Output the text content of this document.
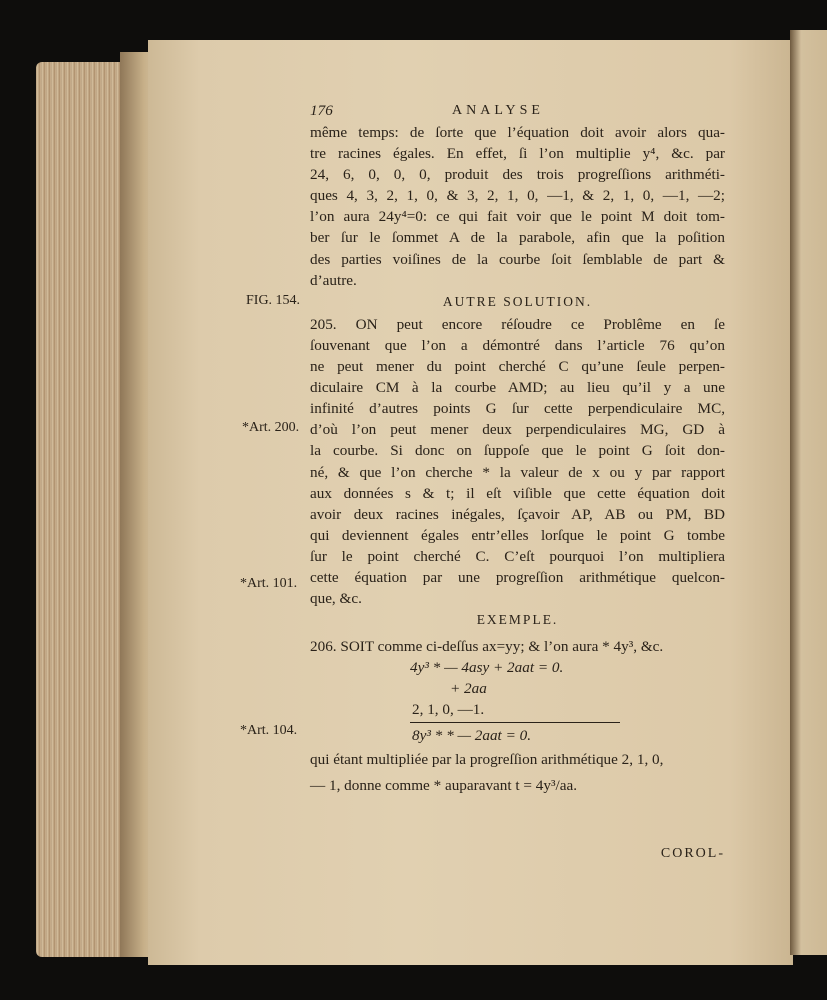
FIG. 154.
*Art. 200.
*Art. 101.
*Art. 104.
176	ANALYSE
même temps: de ſorte que l’équation doit avoir alors qua-
tre racines égales. En effet, ſi l’on multiplie y⁴, &c. par
24, 6, 0, 0, 0, produit des trois progreſſions arithméti-
ques 4, 3, 2, 1, 0, & 3, 2, 1, 0, —1, & 2, 1, 0, —1, —2;
l’on aura 24y⁴=0: ce qui fait voir que le point M doit tom-
ber ſur le ſommet A de la parabole, afin que la poſition
des parties voiſines de la courbe ſoit ſemblable de part &
d’autre.
AUTRE SOLUTION.
205. ON peut encore réſoudre ce Problême en ſe
ſouvenant que l’on a démontré dans l’article 76 qu’on
ne peut mener du point cherché C qu’une ſeule perpen-
diculaire CM à la courbe AMD; au lieu qu’il y a une
infinité d’autres points G ſur cette perpendiculaire MC,
d’où l’on peut mener deux perpendiculaires MG, GD à
la courbe. Si donc on ſuppoſe que le point G ſoit don-
né, & que l’on cherche * la valeur de x ou y par rapport
aux données s & t; il eſt viſible que cette équation doit
avoir deux racines inégales, ſçavoir AP, AB ou PM, BD
qui deviennent égales entr’elles lorſque le point G tombe
ſur le point cherché C. C’eſt pourquoi l’on multipliera
cette équation par une progreſſion arithmétique quelcon-
que, &c.
EXEMPLE.
206. SOIT comme ci-deſſus ax=yy; & l’on aura * 4y³, &c.
4y³ * — 4asy + 2aat = 0.
+ 2aa
2, 1, 0, —1.
8y³ * * — 2aat = 0.
qui étant multipliée par la progreſſion arithmétique 2, 1, 0,
— 1, donne comme * auparavant t = 4y³/aa.
COROL-
